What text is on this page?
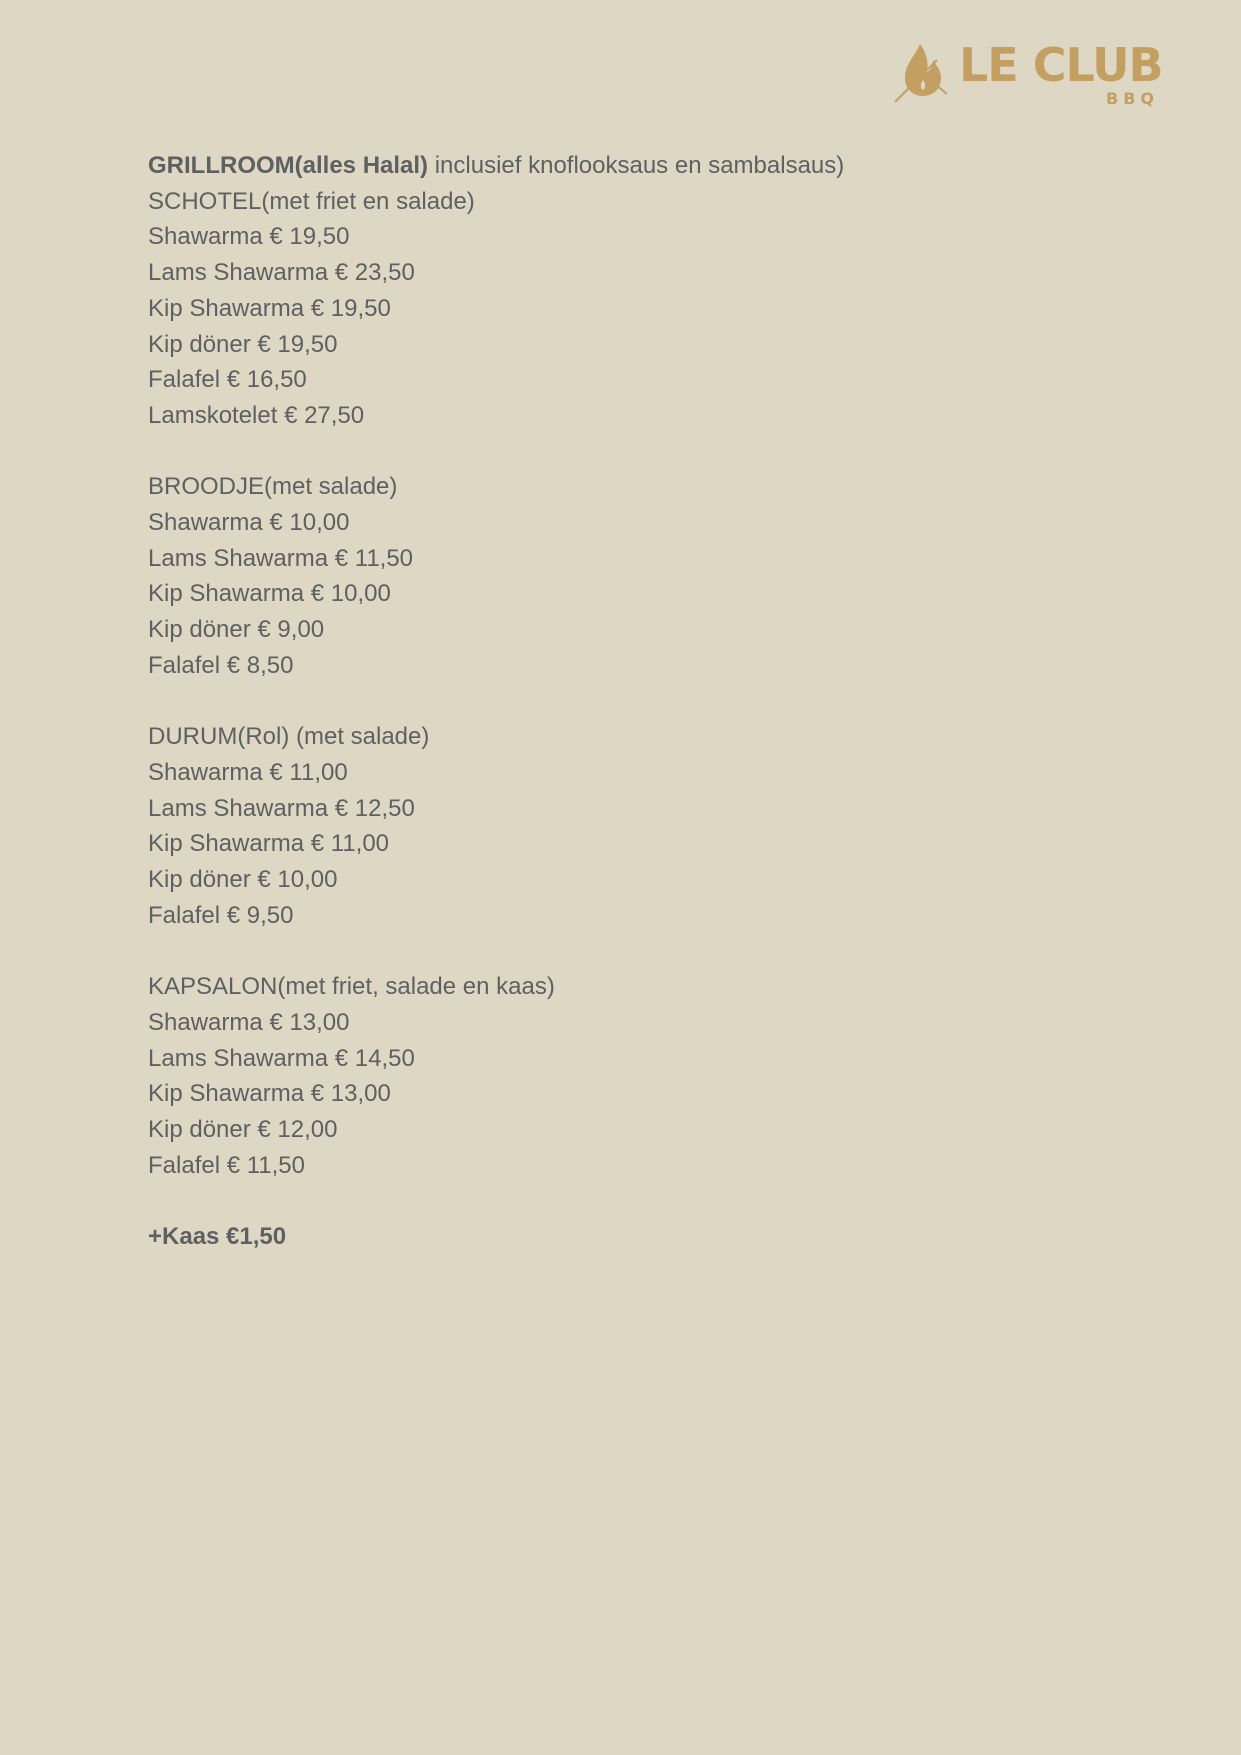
LE CLUB
BBQ
GRILLROOM(alles Halal) inclusief knoflooksaus en sambalsaus)
SCHOTEL(met friet en salade)
Shawarma € 19,50
Lams Shawarma € 23,50
Kip Shawarma € 19,50
Kip döner € 19,50
Falafel € 16,50
Lamskotelet € 27,50
BROODJE(met salade)
Shawarma € 10,00
Lams Shawarma € 11,50
Kip Shawarma € 10,00
Kip döner € 9,00
Falafel € 8,50
DURUM(Rol) (met salade)
Shawarma € 11,00
Lams Shawarma € 12,50
Kip Shawarma € 11,00
Kip döner € 10,00
Falafel € 9,50
KAPSALON(met friet, salade en kaas)
Shawarma € 13,00
Lams Shawarma € 14,50
Kip Shawarma € 13,00
Kip döner € 12,00
Falafel € 11,50
+Kaas €1,50
